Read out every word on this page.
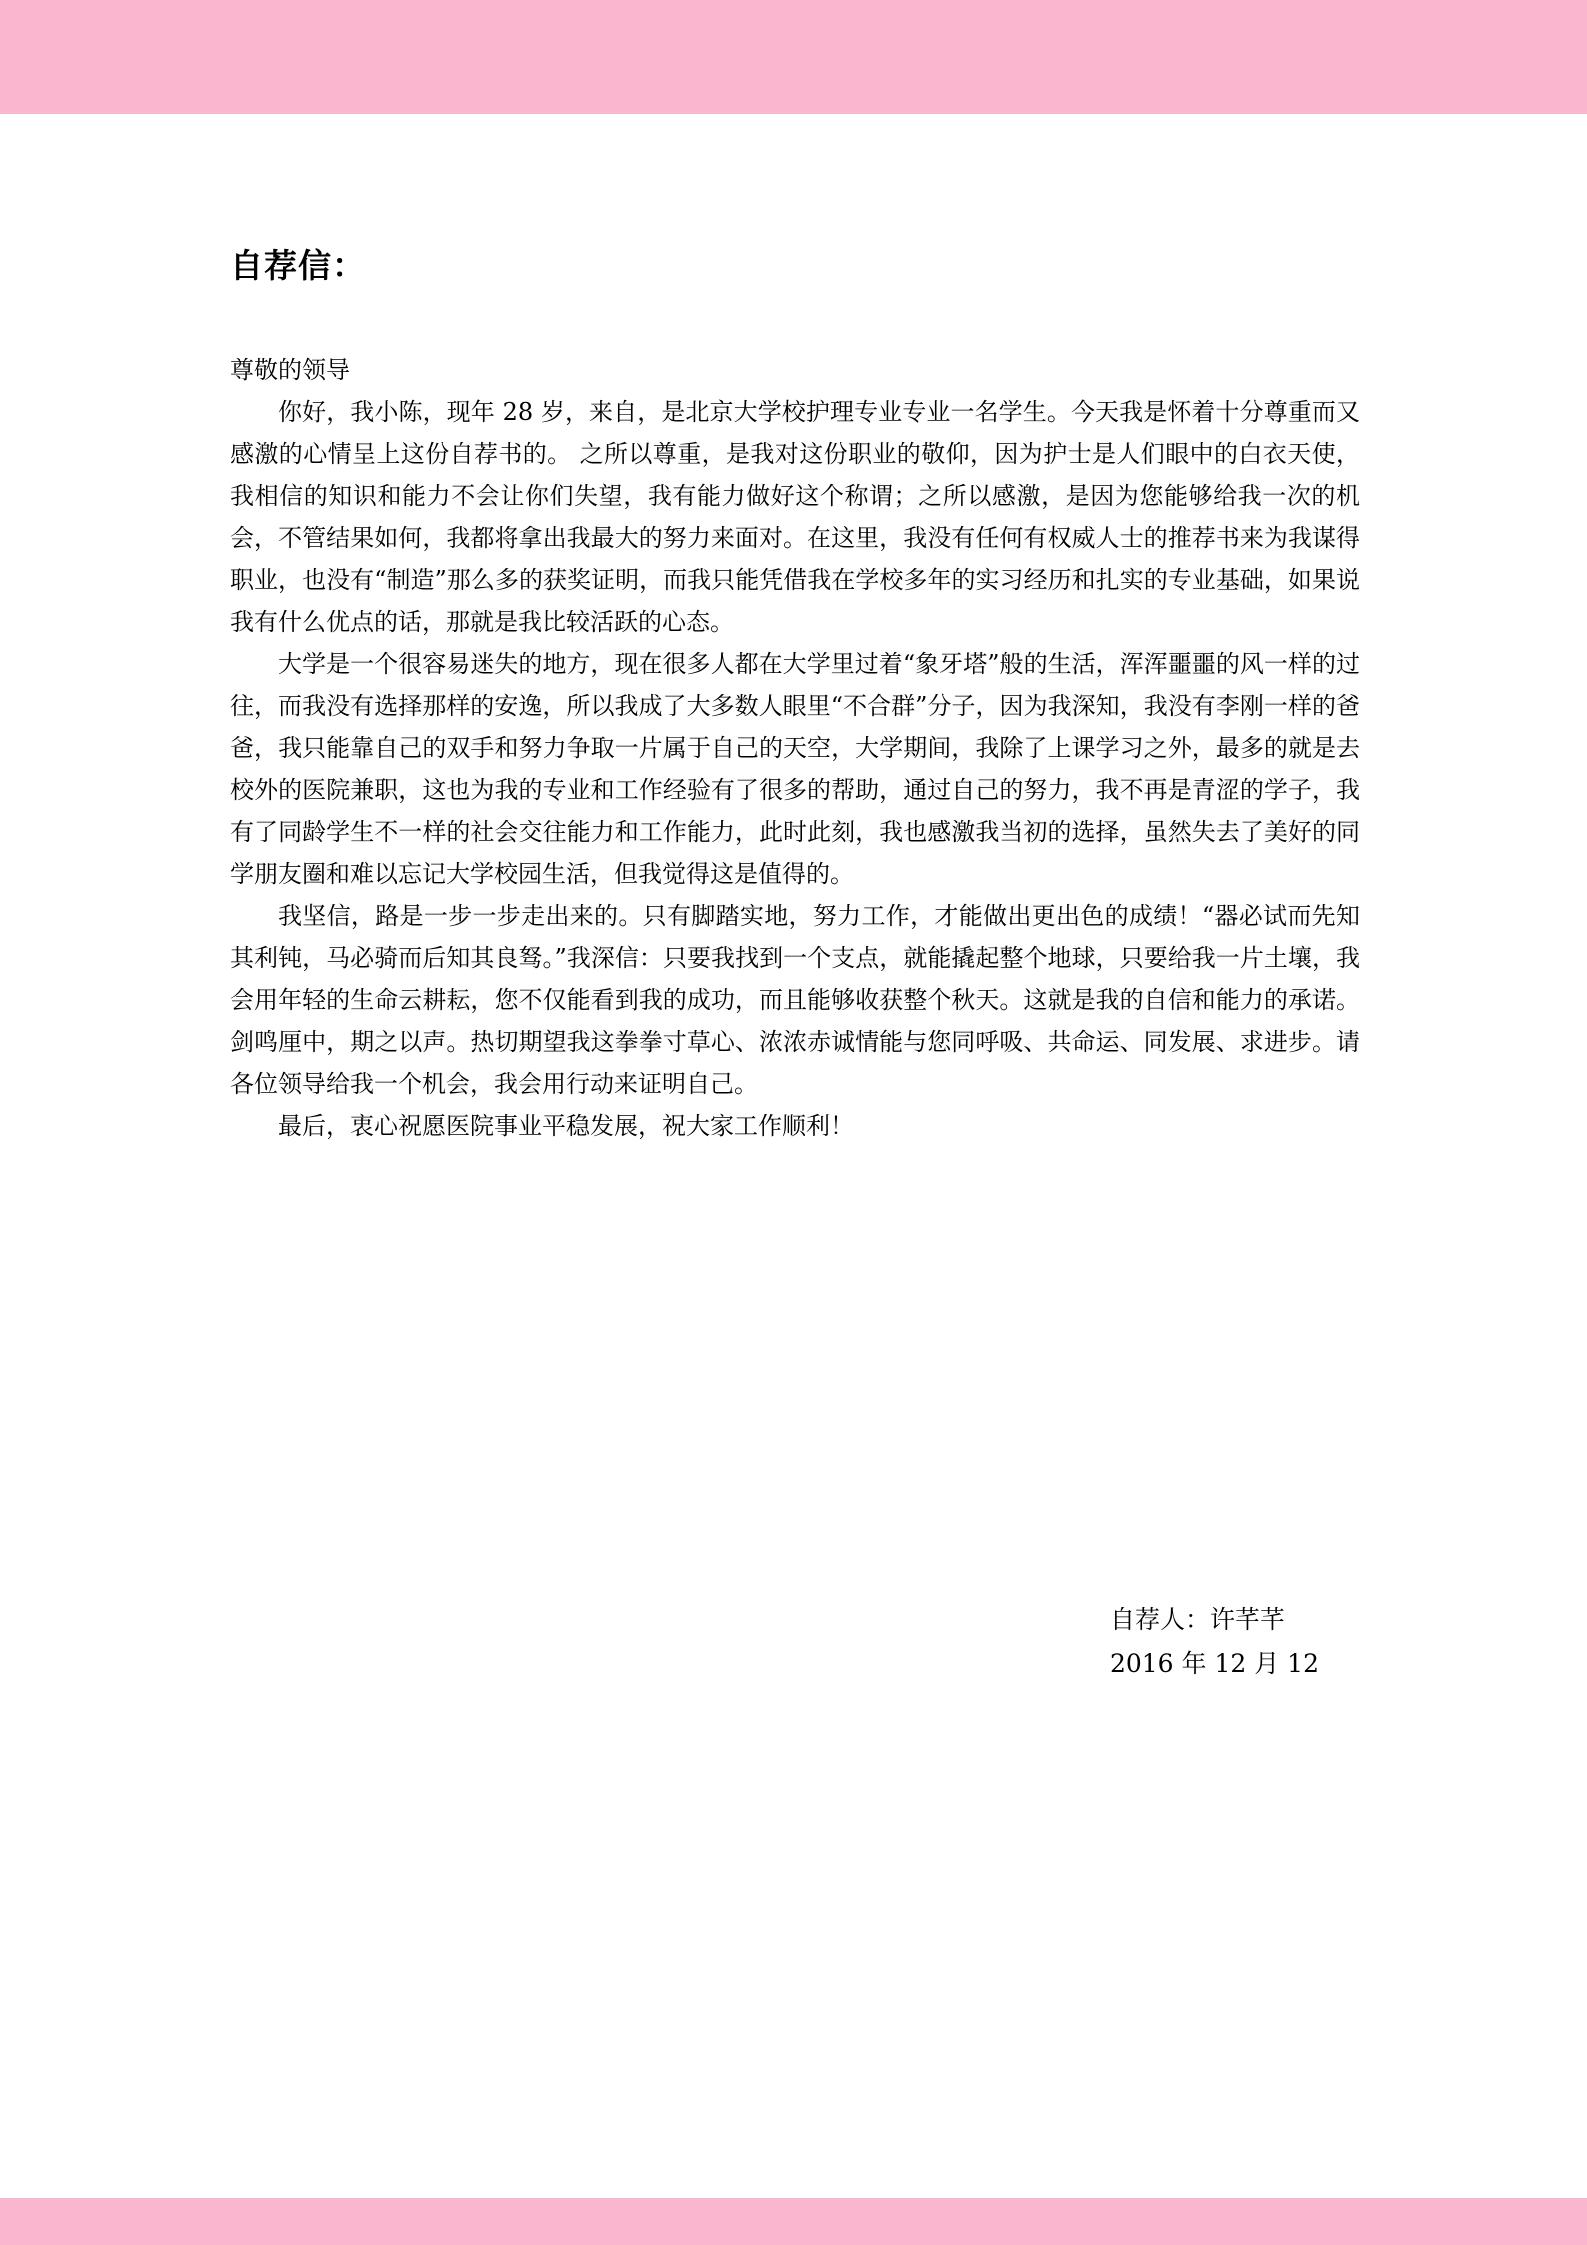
自荐信：

尊敬的领导

你好，我小陈，现年 28 岁，来自，是北京大学校护理专业专业一名学生。今天我是怀着十分尊重而又感激的心情呈上这份自荐书的。 之所以尊重，是我对这份职业的敬仰，因为护士是人们眼中的白衣天使，我相信的知识和能力不会让你们失望，我有能力做好这个称谓；之所以感激，是因为您能够给我一次的机会，不管结果如何，我都将拿出我最大的努力来面对。在这里，我没有任何有权威人士的推荐书来为我谋得职业，也没有“制造”那么多的获奖证明，而我只能凭借我在学校多年的实习经历和扎实的专业基础，如果说我有什么优点的话，那就是我比较活跃的心态。

大学是一个很容易迷失的地方，现在很多人都在大学里过着“象牙塔”般的生活，浑浑噩噩的风一样的过往，而我没有选择那样的安逸，所以我成了大多数人眼里“不合群”分子，因为我深知，我没有李刚一样的爸爸，我只能靠自己的双手和努力争取一片属于自己的天空，大学期间，我除了上课学习之外，最多的就是去校外的医院兼职，这也为我的专业和工作经验有了很多的帮助，通过自己的努力，我不再是青涩的学子，我有了同龄学生不一样的社会交往能力和工作能力，此时此刻，我也感激我当初的选择，虽然失去了美好的同学朋友圈和难以忘记大学校园生活，但我觉得这是值得的。

我坚信，路是一步一步走出来的。只有脚踏实地，努力工作，才能做出更出色的成绩！“器必试而先知其利钝，马必骑而后知其良驽。”我深信：只要我找到一个支点，就能撬起整个地球，只要给我一片土壤，我会用年轻的生命云耕耘，您不仅能看到我的成功，而且能够收获整个秋天。这就是我的自信和能力的承诺。剑鸣厘中，期之以声。热切期望我这拳拳寸草心、浓浓赤诚情能与您同呼吸、共命运、同发展、求进步。请各位领导给我一个机会，我会用行动来证明自己。

最后，衷心祝愿医院事业平稳发展，祝大家工作顺利！

自荐人：许芊芊
2016 年 12 月 12
